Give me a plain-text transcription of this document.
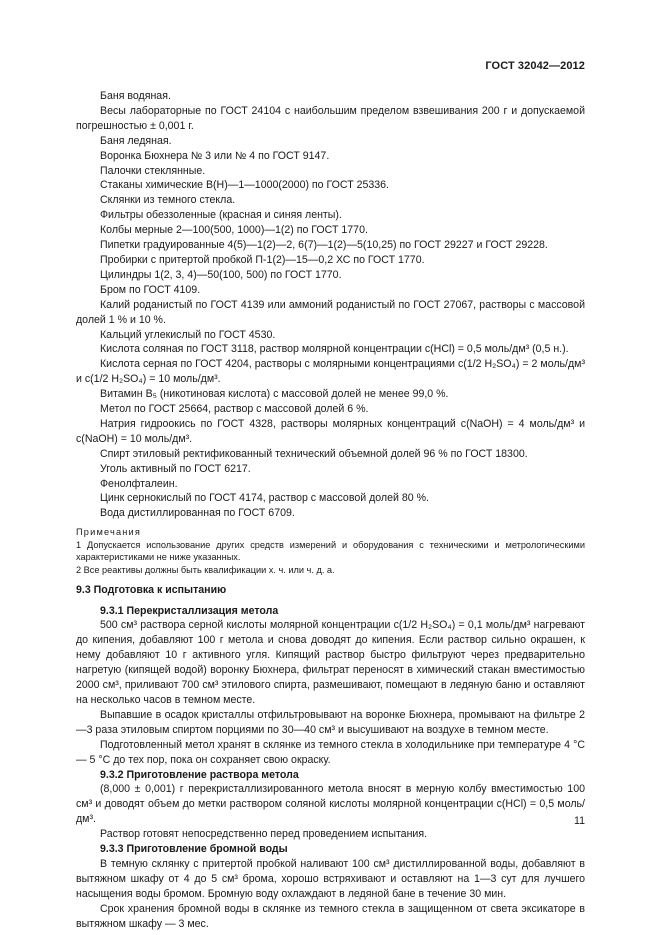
ГОСТ 32042—2012

Баня водяная.

Весы лабораторные по ГОСТ 24104 с наибольшим пределом взвешивания 200 г и допускаемой погрешностью ± 0,001 г.

Баня ледяная.

Воронка Бюхнера № 3 или № 4 по ГОСТ 9147.

Палочки стеклянные.

Стаканы химические В(Н)—1—1000(2000) по ГОСТ 25336.

Склянки из темного стекла.

Фильтры обеззоленные (красная и синяя ленты).

Колбы мерные 2—100(500, 1000)—1(2) по ГОСТ 1770.

Пипетки градуированные 4(5)—1(2)—2, 6(7)—1(2)—5(10,25) по ГОСТ 29227 и ГОСТ 29228.

Пробирки с притертой пробкой П-1(2)—15—0,2 ХС по ГОСТ 1770.

Цилиндры 1(2, 3, 4)—50(100, 500) по ГОСТ 1770.

Бром по ГОСТ 4109.

Калий роданистый по ГОСТ 4139 или аммоний роданистый по ГОСТ 27067, растворы с массовой долей 1 % и 10 %.

Кальций углекислый по ГОСТ 4530.

Кислота соляная по ГОСТ 3118, раствор молярной концентрации c(HCl) = 0,5 моль/дм³ (0,5 н.).

Кислота серная по ГОСТ 4204, растворы с молярными концентрациями c(1/2 H₂SO₄) = 2 моль/дм³ и c(1/2 H₂SO₄) = 10 моль/дм³.

Витамин B₅ (никотиновая кислота) с массовой долей не менее 99,0 %.

Метол по ГОСТ 25664, раствор с массовой долей 6 %.

Натрия гидроокись по ГОСТ 4328, растворы молярных концентраций c(NaOH) = 4 моль/дм³ и c(NaOH) = 10 моль/дм³.

Спирт этиловый ректификованный технический объемной долей 96 % по ГОСТ 18300.

Уголь активный по ГОСТ 6217.

Фенолфталеин.

Цинк сернокислый по ГОСТ 4174, раствор с массовой долей 80 %.

Вода дистиллированная по ГОСТ 6709.

Примечания

1 Допускается использование других средств измерений и оборудования с техническими и метрологическими характеристиками не ниже указанных.

2 Все реактивы должны быть квалификации х. ч. или ч. д. а.

9.3 Подготовка к испытанию

9.3.1 Перекристаллизация метола

500 см³ раствора серной кислоты молярной концентрации c(1/2 H₂SO₄) = 0,1 моль/дм³ нагревают до кипения, добавляют 100 г метола и снова доводят до кипения. Если раствор сильно окрашен, к нему добавляют 10 г активного угля. Кипящий раствор быстро фильтруют через предварительно нагретую (кипящей водой) воронку Бюхнера, фильтрат переносят в химический стакан вместимостью 2000 см³, приливают 700 см³ этилового спирта, размешивают, помещают в ледяную баню и оставляют на несколько часов в темном месте.

Выпавшие в осадок кристаллы отфильтровывают на воронке Бюхнера, промывают на фильтре 2—3 раза этиловым спиртом порциями по 30—40 см³ и высушивают на воздухе в темном месте.

Подготовленный метол хранят в склянке из темного стекла в холодильнике при температуре 4 °С — 5 °С до тех пор, пока он сохраняет свою окраску.

9.3.2 Приготовление раствора метола

(8,000 ± 0,001) г перекристаллизированного метола вносят в мерную колбу вместимостью 100 см³ и доводят объем до метки раствором соляной кислоты молярной концентрации c(HCl) = 0,5 моль/дм³.

Раствор готовят непосредственно перед проведением испытания.

9.3.3 Приготовление бромной воды

В темную склянку с притертой пробкой наливают 100 см³ дистиллированной воды, добавляют в вытяжном шкафу от 4 до 5 см³ брома, хорошо встряхивают и оставляют на 1—3 сут для лучшего насыщения воды бромом. Бромную воду охлаждают в ледяной бане в течение 30 мин.

Срок хранения бромной воды в склянке из темного стекла в защищенном от света эксикаторе в вытяжном шкафу — 3 мес.

11
